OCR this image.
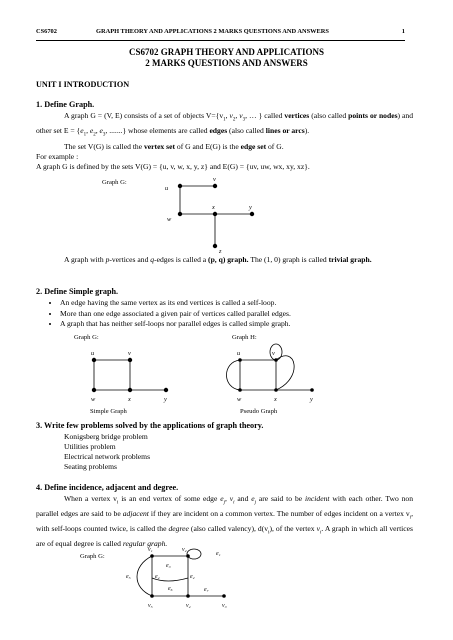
CS6702	GRAPH THEORY AND APPLICATIONS 2 MARKS QUESTIONS AND ANSWERS	1
CS6702 GRAPH THEORY AND APPLICATIONS
2 MARKS QUESTIONS AND ANSWERS
UNIT I INTRODUCTION
1. Define Graph.
A graph G = (V, E) consists of a set of objects $V=\{v_1$, $v_2$, $v_3$, … } called vertices (also called points or nodes) and other set $E = \{e_1$, $e_2$, $e_3$, .......} whose elements are called edges (also called lines or arcs).
The set V(G) is called the vertex set of G and E(G) is the edge set of G.
For example :
A graph G is defined by the sets V(G) = {u, v, w, x, y, z} and E(G) = {uv, uw, wx, xy, xz}.
Graph G:
u
v
w
x	y
z
u	v
w	x	y
u	v
w	x	y
v₁	v₂
v₃
v₄
v₅
e₁
e₂
e₃
e₄
e₅
e₆	e₇
A graph with p-vertices and q-edges is called a (p, q) graph. The (1, 0) graph is called trivial graph.
2. Define Simple graph.
• An edge having the same vertex as its end vertices is called a self-loop.
• More than one edge associated a given pair of vertices called parallel edges.
• A graph that has neither self-loops nor parallel edges is called simple graph.
Graph G:	Graph H:
Simple Graph	Pseudo Graph
3. Write few problems solved by the applications of graph theory.
Konigsberg bridge problem
Utilities problem
Electrical network problems
Seating problems
4. Define incidence, adjacent and degree.
When a vertex $v_i$ is an end vertex of some edge $e_j$, $v_i$ and $e_j$ are said to be incident with each other. Two non parallel edges are said to be adjacent if they are incident on a common vertex. The number of edges incident on a vertex $v_i$, with self-loops counted twice, is called the degree (also called valency), $d(v_i)$, of the vertex $v_i$. A graph in which all vertices are of equal degree is called regular graph.
Graph G:
